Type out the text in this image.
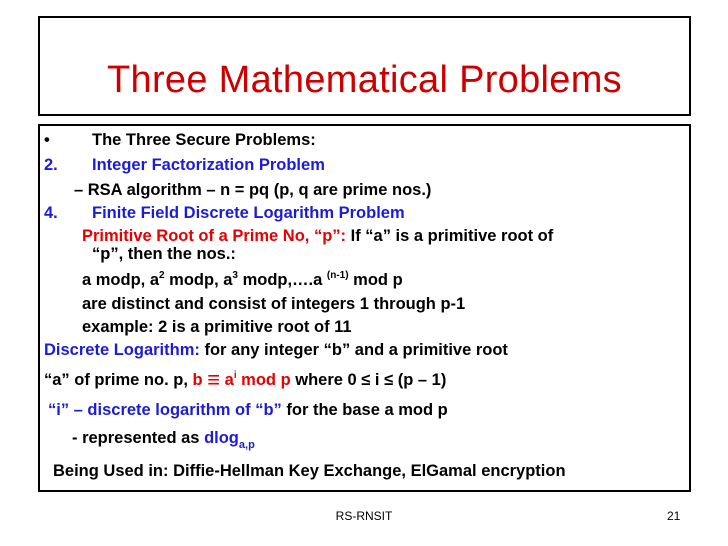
Three Mathematical Problems
•	The Three Secure Problems:
2. Integer Factorization Problem
– RSA algorithm – n = pq (p, q are prime nos.)
4. Finite Field Discrete Logarithm Problem
Primitive Root of a Prime No, “p”: If “a” is a primitive root of
“p”, then the nos.:
a modp, $a^2$ modp, $a^3$ modp,….a $^{(n-1)}$ mod p
are distinct and consist of integers 1 through p-1
example: 2 is a primitive root of 11
Discrete Logarithm: for any integer “b” and a primitive root
“a” of prime no. p, $b \equiv a^i$ mod p where 0 ≤ i ≤ (p – 1)
“i” – discrete logarithm of “b” for the base a mod p
- represented as dlog$_{a,p}$
Being Used in: Diffie-Hellman Key Exchange, ElGamal encryption
RS-RNSIT	21
